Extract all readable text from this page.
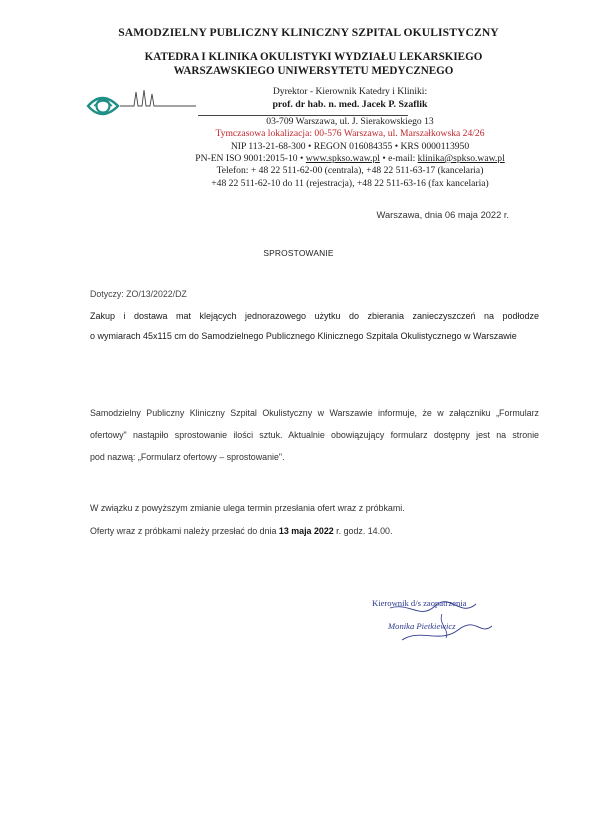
SAMODZIELNY PUBLICZNY KLINICZNY SZPITAL OKULISTYCZNY
KATEDRA I KLINIKA OKULISTYKI WYDZIAŁU LEKARSKIEGO
WARSZAWSKIEGO UNIWERSYTETU MEDYCZNEGO
Dyrektor - Kierownik Katedry i Kliniki:
prof. dr hab. n. med. Jacek P. Szaflik
03-709 Warszawa, ul. J. Sierakowskiego 13
Tymczasowa lokalizacja: 00-576 Warszawa, ul. Marszałkowska 24/26
NIP 113-21-68-300 • REGON 016084355 • KRS 0000113950
PN-EN ISO 9001:2015-10 • www.spkso.waw.pl • e-mail: klinika@spkso.waw.pl
Telefon: + 48 22 511-62-00 (centrala), +48 22 511-63-17 (kancelaria)
+48 22 511-62-10 do 11 (rejestracja), +48 22 511-63-16 (fax kancelaria)
Warszawa, dnia 06 maja 2022 r.
SPROSTOWANIE
Dotyczy: ZO/13/2022/DZ
Zakup i dostawa mat klejących jednorazowego użytku do zbierania zanieczyszczeń na podłodze
o wymiarach 45x115 cm do Samodzielnego Publicznego Klinicznego Szpitala Okulistycznego w Warszawie
Samodzielny Publiczny Kliniczny Szpital Okulistyczny w Warszawie informuje, że w załączniku „Formularz
ofertowy" nastąpiło sprostowanie ilości sztuk. Aktualnie obowiązujący formularz dostępny jest na stronie
pod nazwą: „Formularz ofertowy – sprostowanie".
W związku z powyższym zmianie ulega termin przesłania ofert wraz z próbkami.
Oferty wraz z próbkami należy przesłać do dnia 13 maja 2022 r. godz. 14.00.
Kierownik d/s zaopatrzenia
Monika Pietkiewicz
